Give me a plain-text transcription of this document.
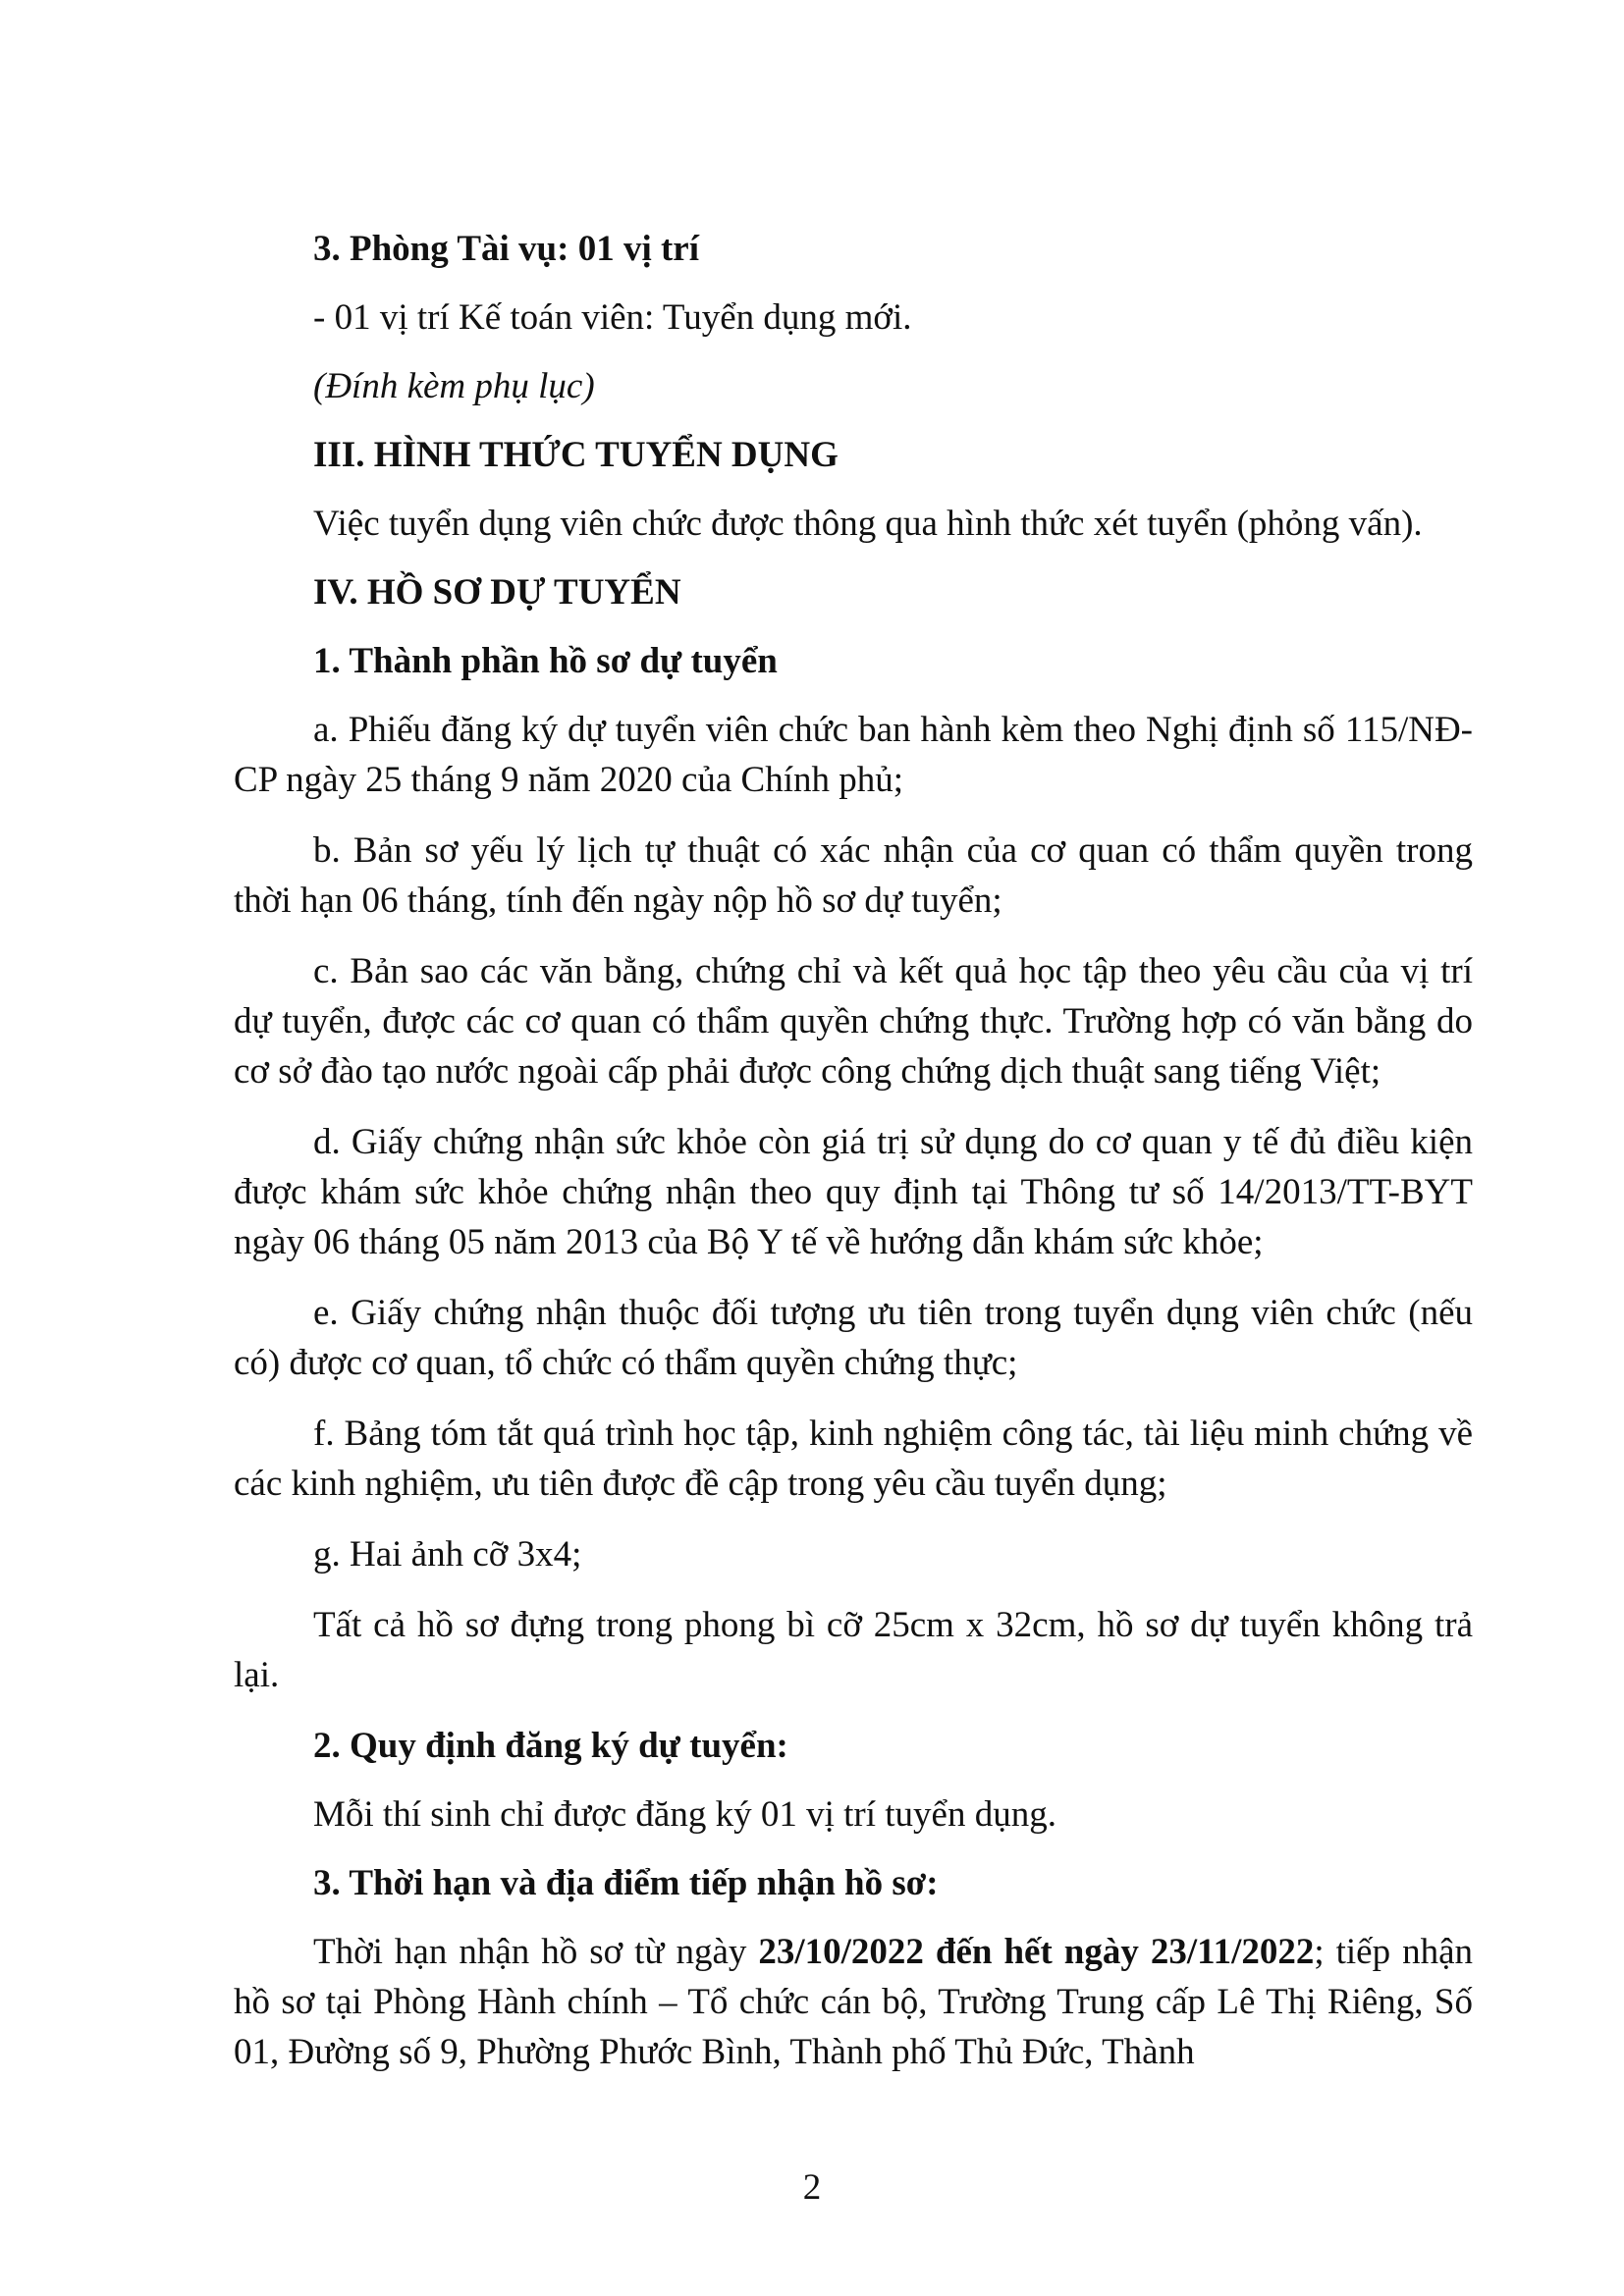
3. Phòng Tài vụ: 01 vị trí

- 01 vị trí Kế toán viên: Tuyển dụng mới.

(Đính kèm phụ lục)

III. HÌNH THỨC TUYỂN DỤNG

Việc tuyển dụng viên chức được thông qua hình thức xét tuyển (phỏng vấn).

IV. HỒ SƠ DỰ TUYỂN

1. Thành phần hồ sơ dự tuyển

a. Phiếu đăng ký dự tuyển viên chức ban hành kèm theo Nghị định số 115/NĐ-CP ngày 25 tháng 9 năm 2020 của Chính phủ;

b. Bản sơ yếu lý lịch tự thuật có xác nhận của cơ quan có thẩm quyền trong thời hạn 06 tháng, tính đến ngày nộp hồ sơ dự tuyển;

c. Bản sao các văn bằng, chứng chỉ và kết quả học tập theo yêu cầu của vị trí dự tuyển, được các cơ quan có thẩm quyền chứng thực. Trường hợp có văn bằng do cơ sở đào tạo nước ngoài cấp phải được công chứng dịch thuật sang tiếng Việt;

d. Giấy chứng nhận sức khỏe còn giá trị sử dụng do cơ quan y tế đủ điều kiện được khám sức khỏe chứng nhận theo quy định tại Thông tư số 14/2013/TT-BYT ngày 06 tháng 05 năm 2013 của Bộ Y tế về hướng dẫn khám sức khỏe;

e. Giấy chứng nhận thuộc đối tượng ưu tiên trong tuyển dụng viên chức (nếu có) được cơ quan, tổ chức có thẩm quyền chứng thực;

f. Bảng tóm tắt quá trình học tập, kinh nghiệm công tác, tài liệu minh chứng về các kinh nghiệm, ưu tiên được đề cập trong yêu cầu tuyển dụng;

g. Hai ảnh cỡ 3x4;

Tất cả hồ sơ đựng trong phong bì cỡ 25cm x 32cm, hồ sơ dự tuyển không trả lại.

2. Quy định đăng ký dự tuyển:

Mỗi thí sinh chỉ được đăng ký 01 vị trí tuyển dụng.

3. Thời hạn và địa điểm tiếp nhận hồ sơ:

Thời hạn nhận hồ sơ từ ngày 23/10/2022 đến hết ngày 23/11/2022; tiếp nhận hồ sơ tại Phòng Hành chính – Tổ chức cán bộ, Trường Trung cấp Lê Thị Riêng, Số 01, Đường số 9, Phường Phước Bình, Thành phố Thủ Đức, Thành

2
